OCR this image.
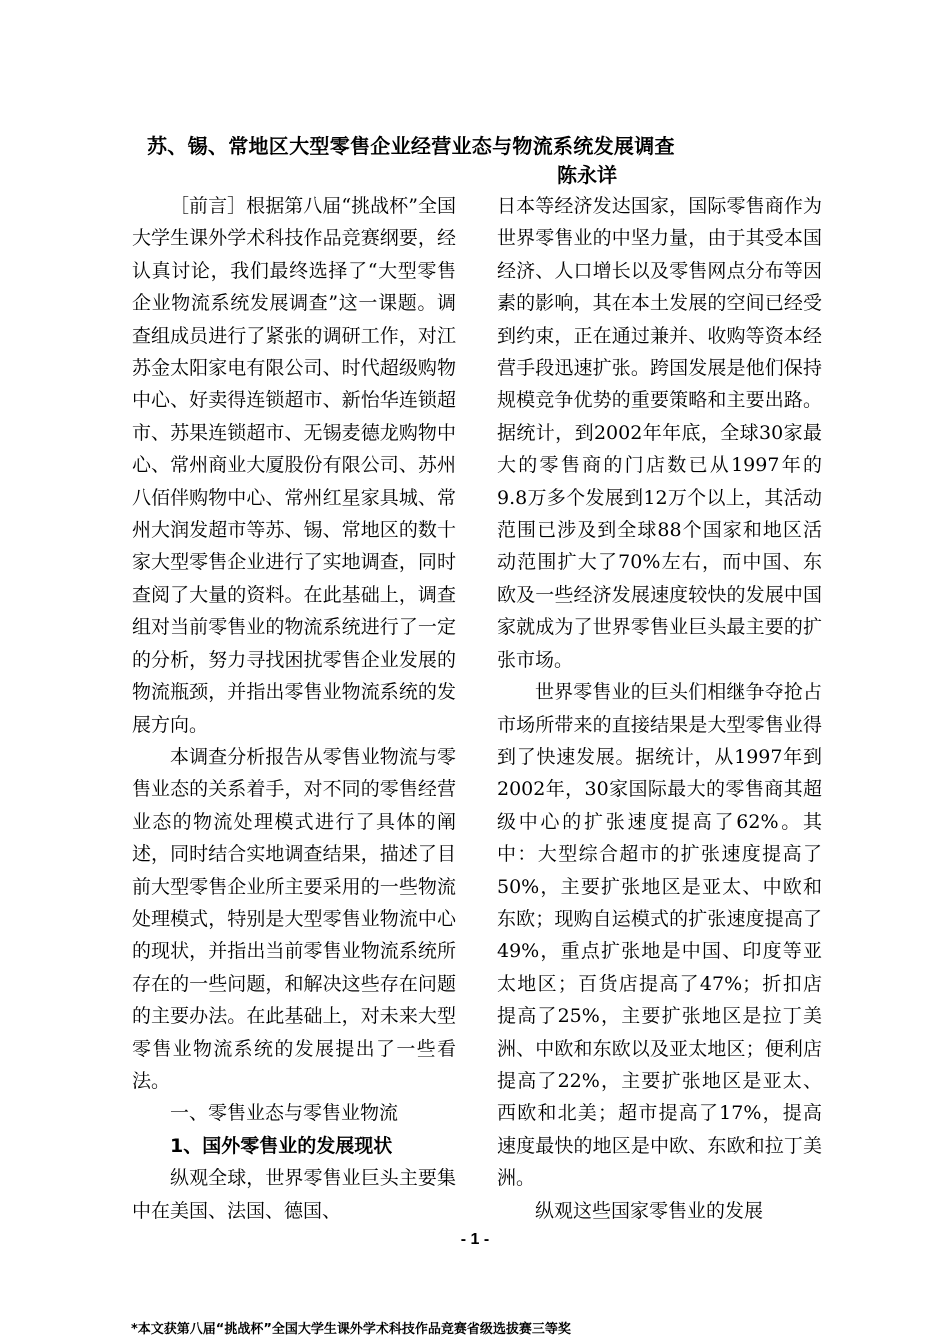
苏、锡、常地区大型零售企业经营业态与物流系统发展调查
陈永详

［前言］根据第八届“挑战杯”全国大学生课外学术科技作品竞赛纲要，经认真讨论，我们最终选择了“大型零售企业物流系统发展调查”这一课题。调查组成员进行了紧张的调研工作，对江苏金太阳家电有限公司、时代超级购物中心、好卖得连锁超市、新怡华连锁超市、苏果连锁超市、无锡麦德龙购物中心、常州商业大厦股份有限公司、苏州八佰伴购物中心、常州红星家具城、常州大润发超市等苏、锡、常地区的数十家大型零售企业进行了实地调查，同时查阅了大量的资料。在此基础上，调查组对当前零售业的物流系统进行了一定的分析，努力寻找困扰零售企业发展的物流瓶颈，并指出零售业物流系统的发展方向。

本调查分析报告从零售业物流与零售业态的关系着手，对不同的零售经营业态的物流处理模式进行了具体的阐述，同时结合实地调查结果，描述了目前大型零售企业所主要采用的一些物流处理模式，特别是大型零售业物流中心的现状，并指出当前零售业物流系统所存在的一些问题，和解决这些存在问题的主要办法。在此基础上，对未来大型零售业物流系统的发展提出了一些看法。

一、零售业态与零售业物流

1、国外零售业的发展现状

纵观全球，世界零售业巨头主要集中在美国、法国、德国、

日本等经济发达国家，国际零售商作为世界零售业的中坚力量，由于其受本国经济、人口增长以及零售网点分布等因素的影响，其在本土发展的空间已经受到约束，正在通过兼并、收购等资本经营手段迅速扩张。跨国发展是他们保持规模竞争优势的重要策略和主要出路。据统计，到2002年年底，全球30家最大的零售商的门店数已从1997年的9.8万多个发展到12万个以上，其活动范围已涉及到全球88个国家和地区活动范围扩大了70%左右，而中国、东欧及一些经济发展速度较快的发展中国家就成为了世界零售业巨头最主要的扩张市场。

世界零售业的巨头们相继争夺抢占市场所带来的直接结果是大型零售业得到了快速发展。据统计，从1997年到2002年，30家国际最大的零售商其超级中心的扩张速度提高了62%。其中：大型综合超市的扩张速度提高了50%，主要扩张地区是亚太、中欧和东欧；现购自运模式的扩张速度提高了49%，重点扩张地是中国、印度等亚太地区；百货店提高了47%；折扣店提高了25%，主要扩张地区是拉丁美洲、中欧和东欧以及亚太地区；便利店提高了22%，主要扩张地区是亚太、西欧和北美；超市提高了17%，提高速度最快的地区是中欧、东欧和拉丁美洲。

纵观这些国家零售业的发展

- 1 -
*本文获第八届“挑战杯”全国大学生课外学术科技作品竞赛省级选拔赛三等奖
